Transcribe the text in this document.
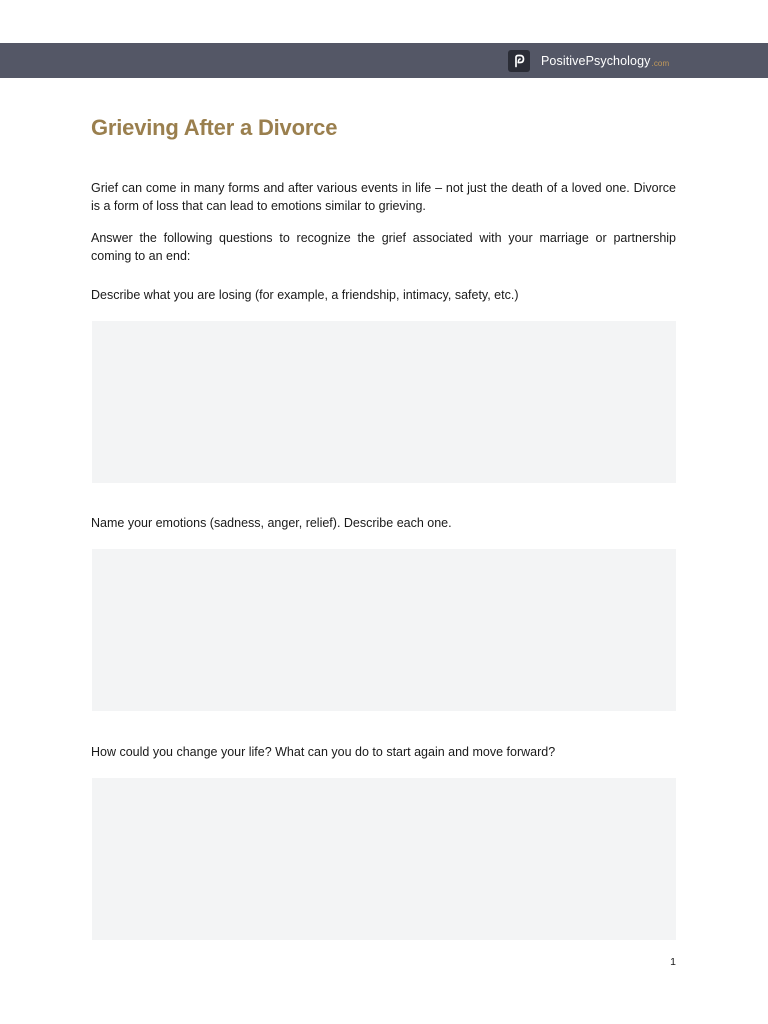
PositivePsychology.com
Grieving After a Divorce

Grief can come in many forms and after various events in life – not just the death of a loved one. Divorce is a form of loss that can lead to emotions similar to grieving.

Answer the following questions to recognize the grief associated with your marriage or partnership coming to an end:

Describe what you are losing (for example, a friendship, intimacy, safety, etc.)

Name your emotions (sadness, anger, relief). Describe each one.

How could you change your life? What can you do to start again and move forward?

1
